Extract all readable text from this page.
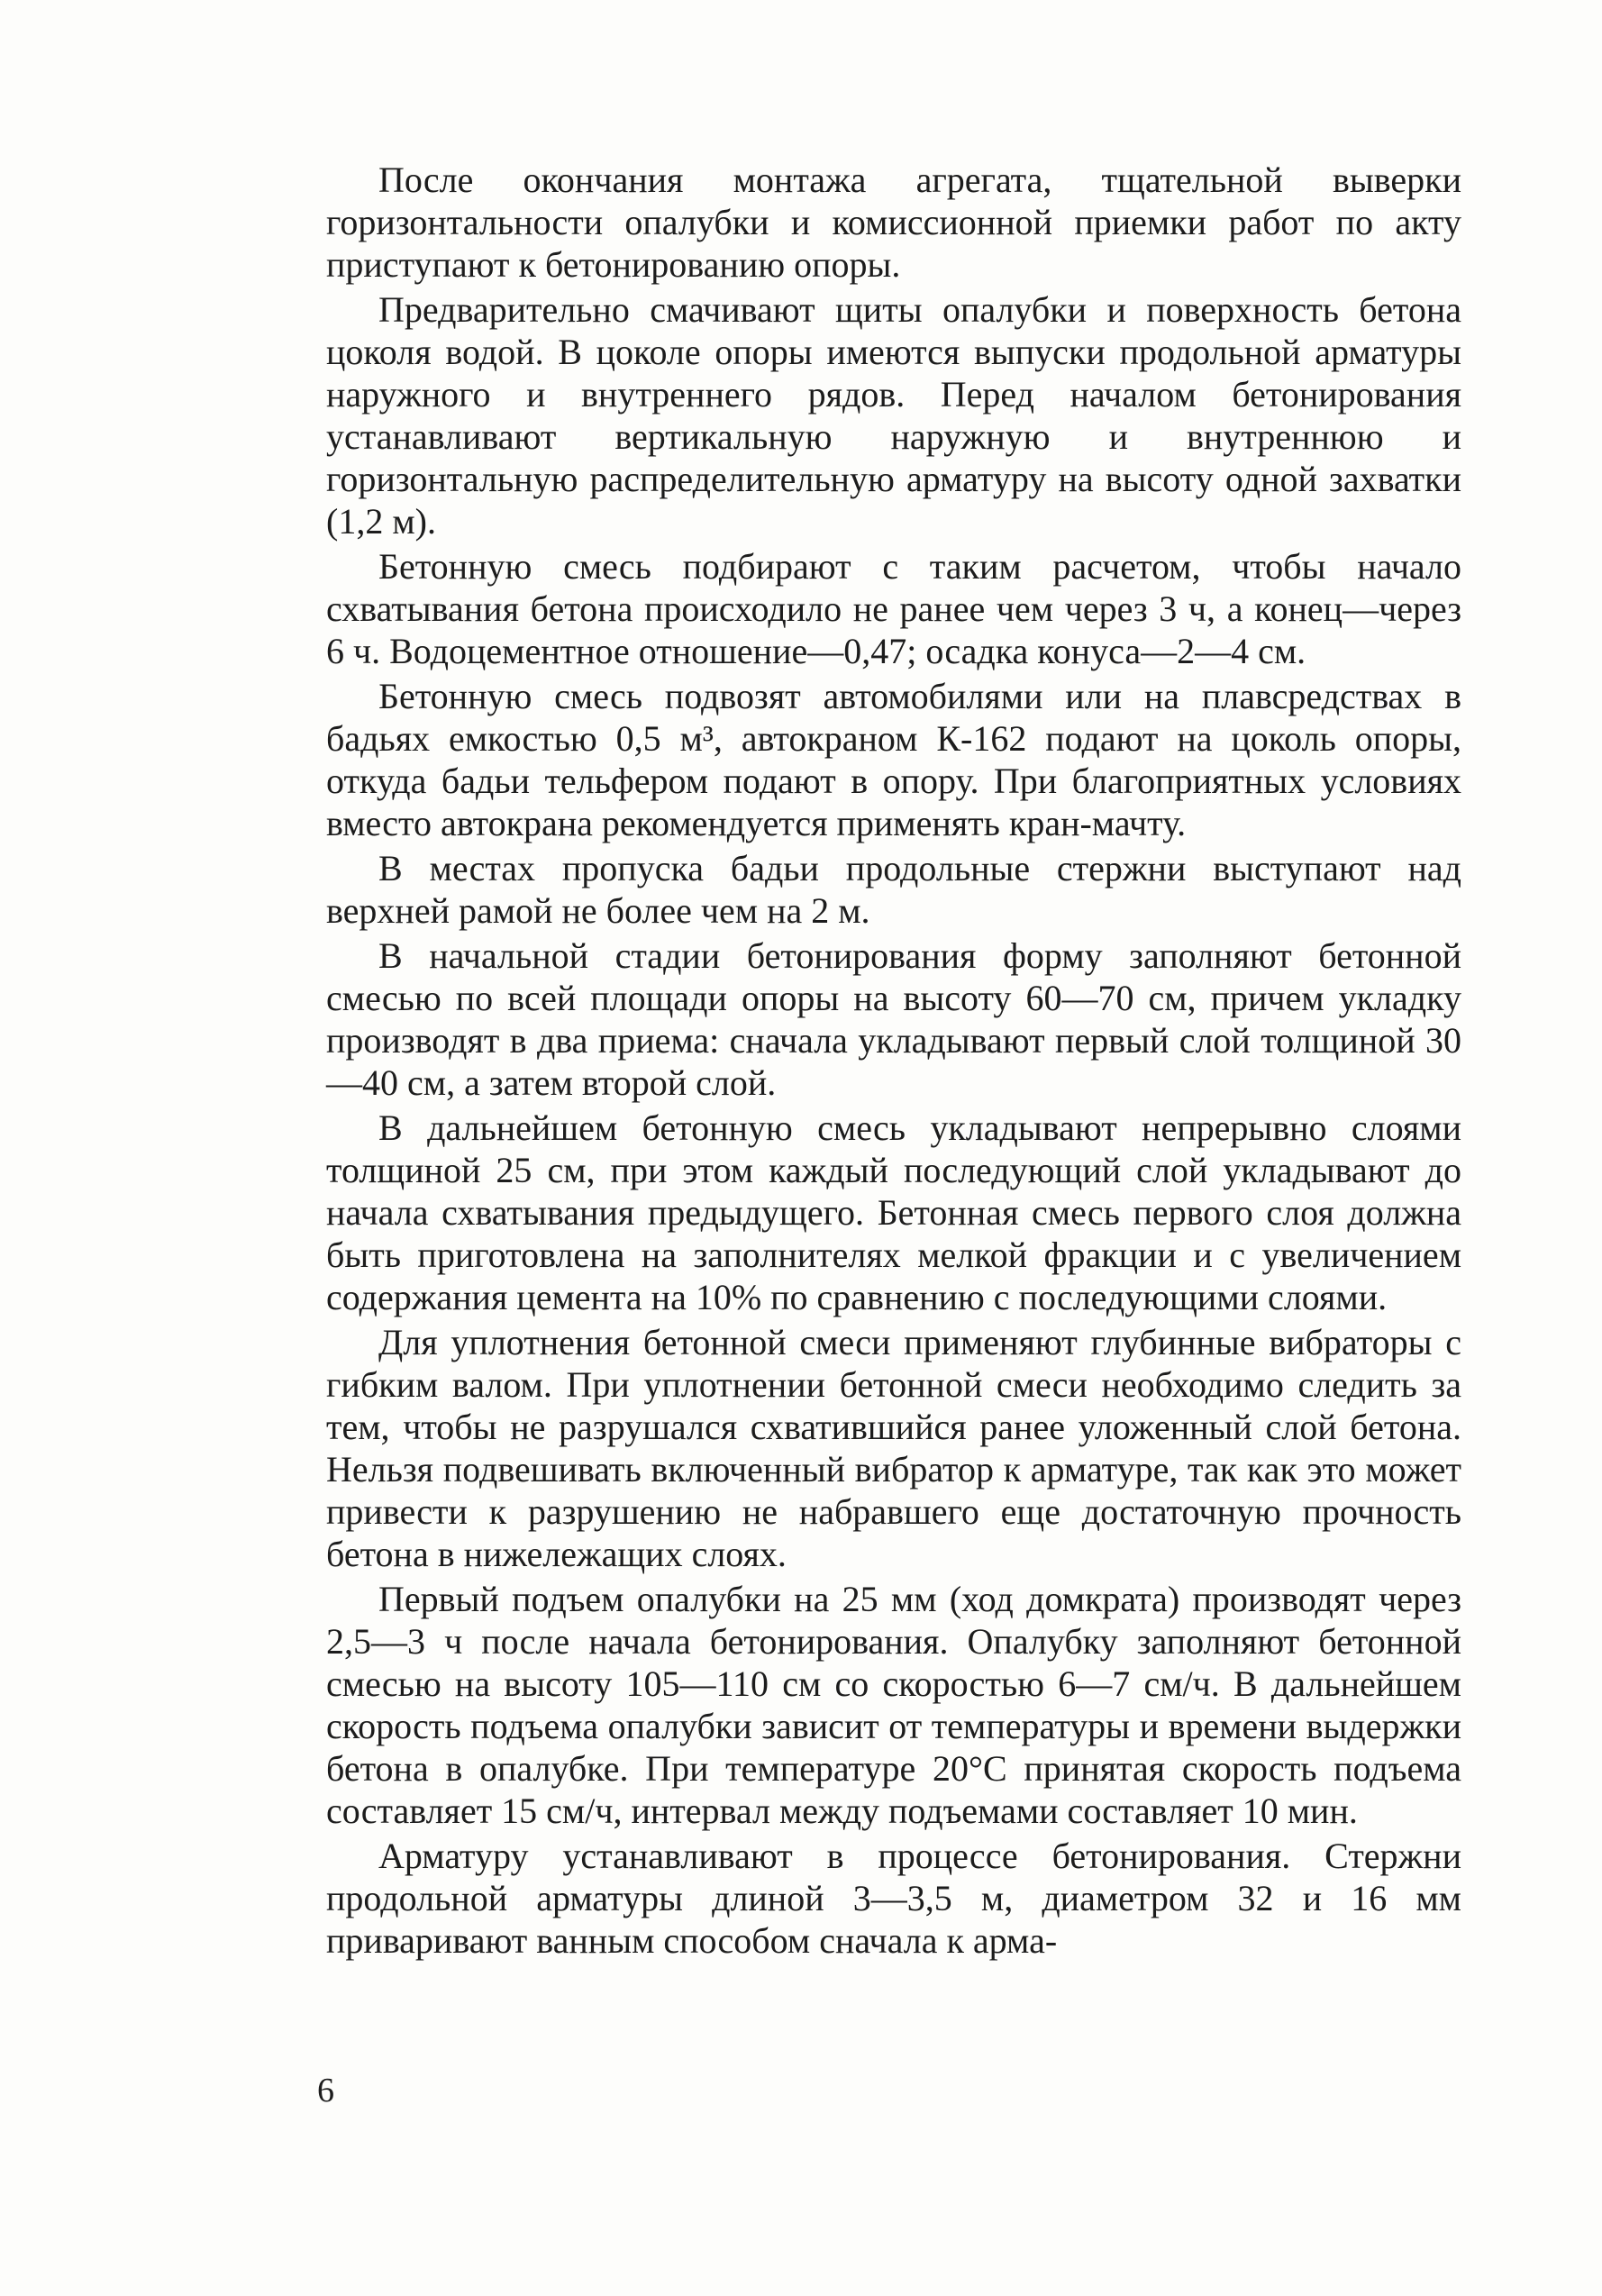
После окончания монтажа агрегата, тщательной выверки горизонтальности опалубки и комиссионной приемки работ по акту приступают к бетонированию опоры.

Предварительно смачивают щиты опалубки и поверхность бетона цоколя водой. В цоколе опоры имеются выпуски продольной арматуры наружного и внутреннего рядов. Перед началом бетонирования устанавливают вертикальную наружную и внутреннюю и горизонтальную распределительную арматуру на высоту одной захватки (1,2 м).

Бетонную смесь подбирают с таким расчетом, чтобы начало схватывания бетона происходило не ранее чем через 3 ч, а конец—через 6 ч. Водоцементное отношение—0,47; осадка конуса—2—4 см.

Бетонную смесь подвозят автомобилями или на плавсредствах в бадьях емкостью 0,5 м³, автокраном К-162 подают на цоколь опоры, откуда бадьи тельфером подают в опору. При благоприятных условиях вместо автокрана рекомендуется применять кран-мачту.

В местах пропуска бадьи продольные стержни выступают над верхней рамой не более чем на 2 м.

В начальной стадии бетонирования форму заполняют бетонной смесью по всей площади опоры на высоту 60—70 см, причем укладку производят в два приема: сначала укладывают первый слой толщиной 30—40 см, а затем второй слой.

В дальнейшем бетонную смесь укладывают непрерывно слоями толщиной 25 см, при этом каждый последующий слой укладывают до начала схватывания предыдущего. Бетонная смесь первого слоя должна быть приготовлена на заполнителях мелкой фракции и с увеличением содержания цемента на 10% по сравнению с последующими слоями.

Для уплотнения бетонной смеси применяют глубинные вибраторы с гибким валом. При уплотнении бетонной смеси необходимо следить за тем, чтобы не разрушался схватившийся ранее уложенный слой бетона. Нельзя подвешивать включенный вибратор к арматуре, так как это может привести к разрушению не набравшего еще достаточную прочность бетона в нижележащих слоях.

Первый подъем опалубки на 25 мм (ход домкрата) производят через 2,5—3 ч после начала бетонирования. Опалубку заполняют бетонной смесью на высоту 105—110 см со скоростью 6—7 см/ч. В дальнейшем скорость подъема опалубки зависит от температуры и времени выдержки бетона в опалубке. При температуре 20°С принятая скорость подъема составляет 15 см/ч, интервал между подъемами составляет 10 мин.

Арматуру устанавливают в процессе бетонирования. Стержни продольной арматуры длиной 3—3,5 м, диаметром 32 и 16 мм приваривают ванным способом сначала к арма-

6
